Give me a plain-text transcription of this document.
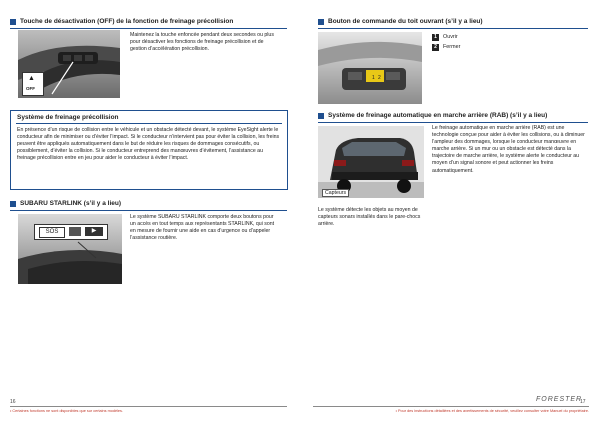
Touche de désactivation (OFF) de la fonction de freinage précollision
▲
OFF
Maintenez la touche enfoncée pendant deux secondes ou plus pour désactiver les fonctions de freinage précollision et de gestion d’accélération précollision.
Système de freinage précollision
En présence d’un risque de collision entre le véhicule et un obstacle détecté devant, le système EyeSight alerte le conducteur afin de minimiser ou d’éviter l’impact. Si le conducteur n’intervient pas pour éviter la collision, les freins peuvent être appliqués automatiquement dans le but de réduire les risques de dommages consécutifs, ou possiblement, d’éviter la collision. Si le conducteur entreprend des manœuvres d’évitement, l’assistance au freinage précollision entre en jeu pour aider le conducteur à éviter l’impact.
SUBARU STARLINK (s’il y a lieu)
SOS	▶
Le système SUBARU STARLINK comporte deux boutons pour un accès en tout temps aux représentants STARLINK, qui sont en mesure de fournir une aide en cas d’urgence ou d’appeler l’assistance routière.
Bouton de commande du toit ouvrant (s’il y a lieu)
1 2
1	Ouvrir
2	Fermer
Système de freinage automatique en marche arrière (RAB) (s’il y a lieu)
Capteurs
Le freinage automatique en marche arrière (RAB) est une technologie conçue pour aider à éviter les collisions, ou à diminuer l’ampleur des dommages, lorsque le conducteur manœuvre en marche arrière. Si un mur ou un obstacle est détecté dans la trajectoire de marche arrière, le système alerte le conducteur au moyen d’un signal sonore et peut actionner les freins automatiquement.
Le système détecte les objets au moyen de capteurs sonars installés dans le pare-chocs arrière.
16
• Certaines fonctions ne sont disponibles que sur certains modèles.
FORESTER
17
• Pour des instructions détaillées et des avertissements de sécurité, veuillez consulter votre Manuel du propriétaire.
